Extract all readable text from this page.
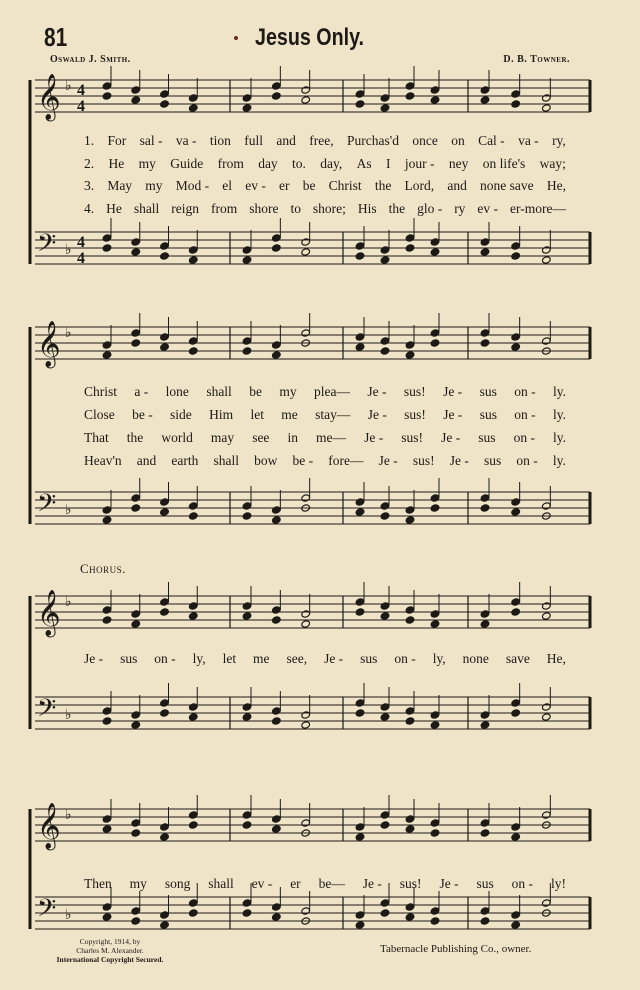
81	Jesus Only.
Oswald J. Smith.	D. B. Towner.
𝄞 ♭ 4
4
𝄢 ♭ 4
4
𝄞 ♭
𝄢 ♭
𝄞 ♭
𝄢 ♭
𝄞 ♭
𝄢 ♭
1. For sal - va - tion full and free, Purchas'd once on Cal - va - ry,
2. He my Guide from day to. day, As I jour - ney on life's way;
3. May my Mod - el ev - er be Christ the Lord, and none save He,
4. He shall reign from shore to shore; His the glo - ry ev - er-more—
Christ a - lone shall be my plea— Je - sus! Je - sus on - ly.
Close be - side Him let me stay— Je - sus! Je - sus on - ly.
That the world may see in me— Je - sus! Je - sus on - ly.
Heav'n and earth shall bow be - fore— Je - sus! Je - sus on - ly.
Je - sus on - ly, let me see, Je - sus on - ly, none save He,
Then my song shall ev - er be— Je - sus! Je - sus on - ly!
Chorus.
Copyright, 1914, by
Charles M. Alexander.
International Copyright Secured.
Tabernacle Publishing Co., owner.
